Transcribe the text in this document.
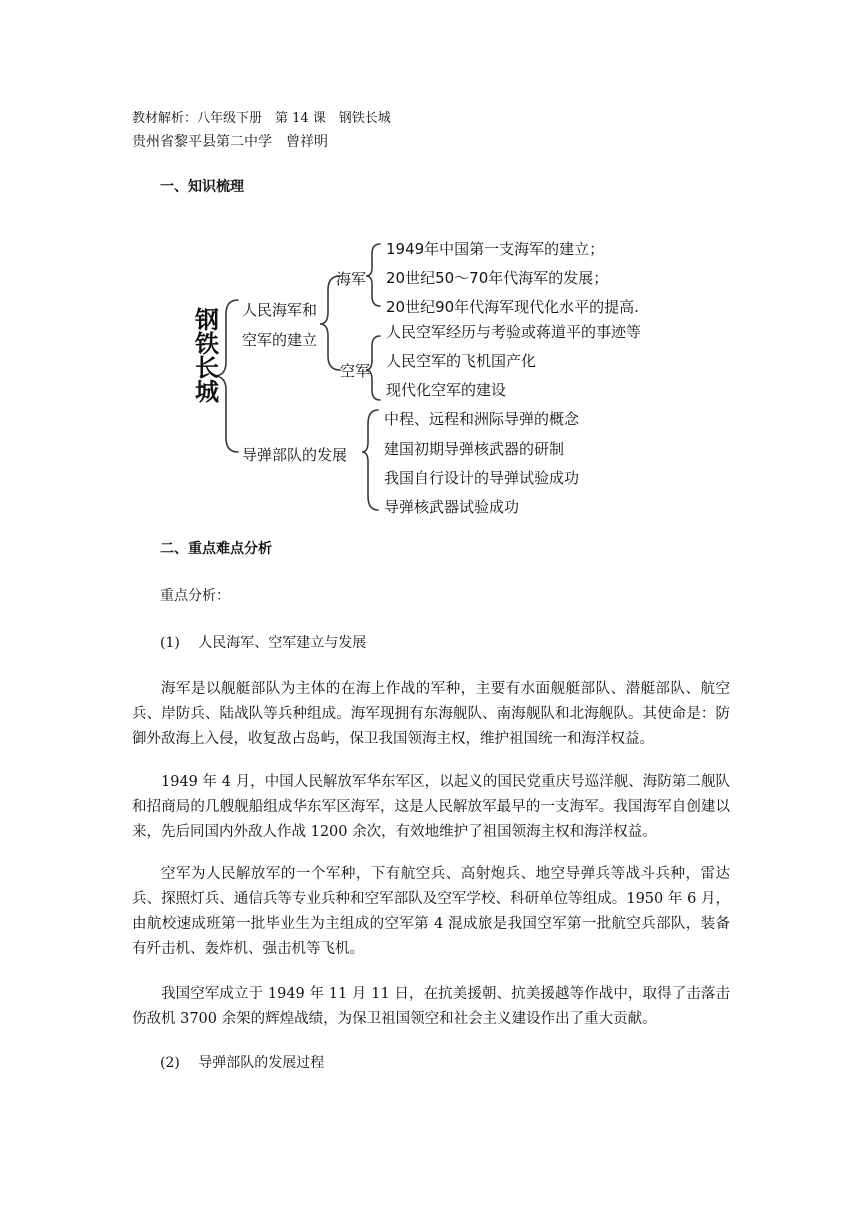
教材解析：八年级下册　第 14 课　钢铁长城
贵州省黎平县第二中学　曾祥明
一、知识梳理
钢
铁
长
城
人民海军和
空军的建立
海军
1949年中国第一支海军的建立；
20世纪50～70年代海军的发展；
20世纪90年代海军现代化水平的提高.
空军
人民空军经历与考验或蒋道平的事迹等
人民空军的飞机国产化
现代化空军的建设
导弹部队的发展
中程、远程和洲际导弹的概念
建国初期导弹核武器的研制
我国自行设计的导弹试验成功
导弹核武器试验成功
二、重点难点分析
重点分析：
(1) 人民海军、空军建立与发展

海军是以舰艇部队为主体的在海上作战的军种，主要有水面舰艇部队、潜艇部队、航空兵、岸防兵、陆战队等兵种组成。海军现拥有东海舰队、南海舰队和北海舰队。其使命是：防御外敌海上入侵，收复敌占岛屿，保卫我国领海主权，维护祖国统一和海洋权益。

1949 年 4 月，中国人民解放军华东军区，以起义的国民党重庆号巡洋舰、海防第二舰队和招商局的几艘舰船组成华东军区海军，这是人民解放军最早的一支海军。我国海军自创建以来，先后同国内外敌人作战 1200 余次，有效地维护了祖国领海主权和海洋权益。

空军为人民解放军的一个军种，下有航空兵、高射炮兵、地空导弹兵等战斗兵种，雷达兵、探照灯兵、通信兵等专业兵种和空军部队及空军学校、科研单位等组成。1950 年 6 月，由航校速成班第一批毕业生为主组成的空军第 4 混成旅是我国空军第一批航空兵部队，装备有歼击机、轰炸机、强击机等飞机。

我国空军成立于 1949 年 11 月 11 日，在抗美援朝、抗美援越等作战中，取得了击落击伤敌机 3700 余架的辉煌战绩，为保卫祖国领空和社会主义建设作出了重大贡献。

(2) 导弹部队的发展过程
